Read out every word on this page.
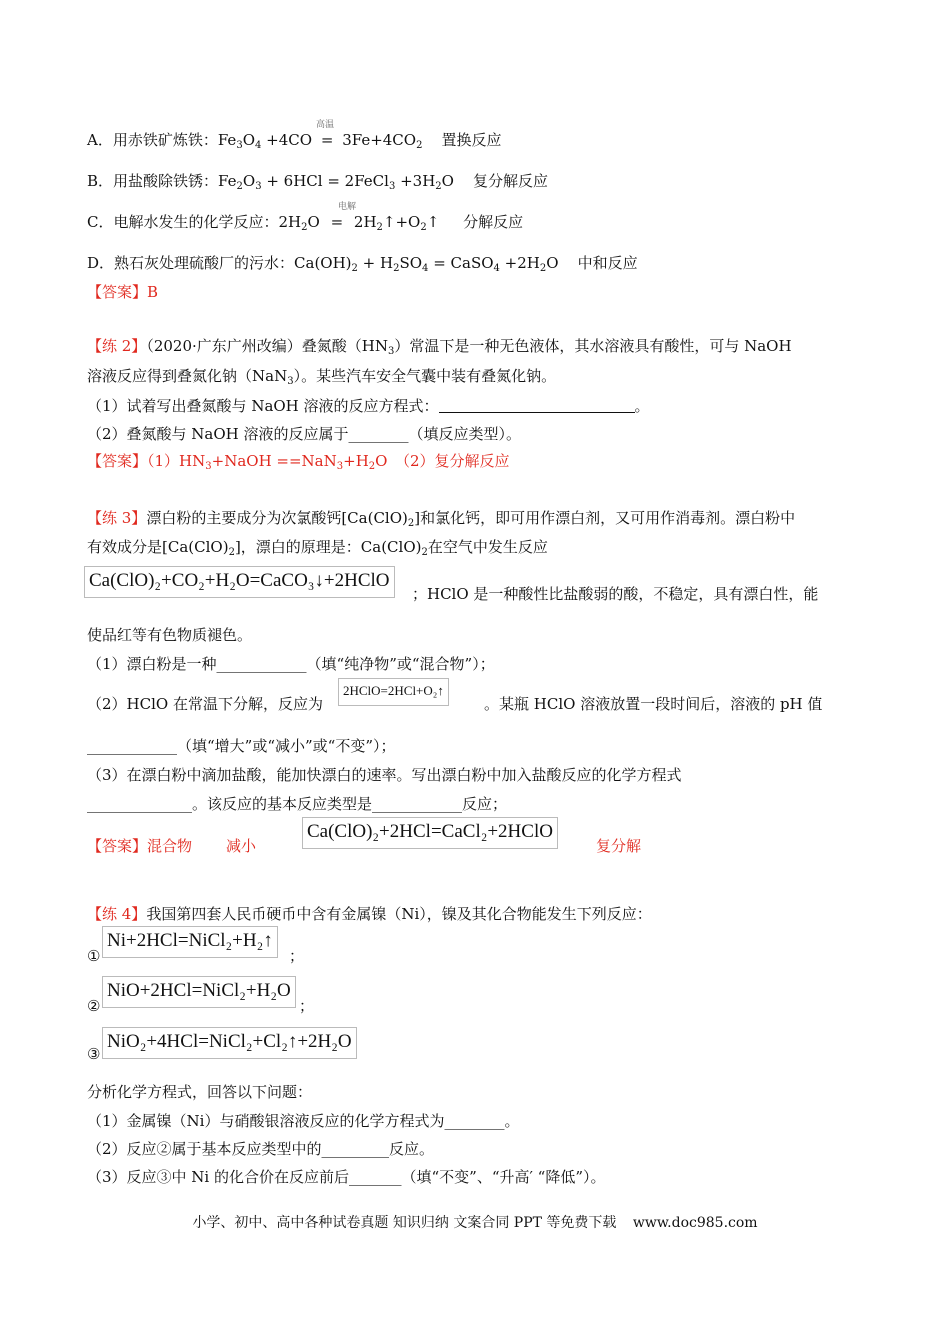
高温
A．用赤铁矿炼铁：$Fe_3O_4 +4CO = 3Fe+4CO_2$ 置换反应
B．用盐酸除铁锈：$Fe_2O_3 + 6HCl$ = 2FeCl$_3$ $+3H_2O$    复分解反应
电解
C．电解水发生的化学反应：$2H_2O$ = $2H_2↑+O_2↑$     分解反应
D．熟石灰处理硫酸厂的污水：$Ca(OH)_2 + H_2SO_4$ = CaSO$_4$ $+2H_2O$    中和反应
【答案】B
【练 2】（2020·广东广州改编）叠氮酸$(HN_3)$常温下是一种无色液体，其水溶液具有酸性，可与 NaOH
溶液反应得到叠氮化钠（NaN$_3$）。某些汽车安全气囊中装有叠氮化钠。
（1）试着写出叠氮酸与 NaOH 溶液的反应方程式：	。
（2）叠氮酸与 NaOH 溶液的反应属于________（填反应类型）。
【答案】$(1)HN_3+NaOH ==NaN_3+H_2O$　（2）复分解反应
【练 3】漂白粉的主要成分为次氯酸钙$[Ca(ClO)_2]$和氯化钙，即可用作漂白剂，又可用作消毒剂。漂白粉中
有效成分是$[Ca(ClO)_2]$，漂白的原理是：$Ca(ClO)_2$在空气中发生反应
Ca(ClO)₂+CO₂+H₂O=CaCO₃↓+2HClO
；HClO 是一种酸性比盐酸弱的酸，不稳定，具有漂白性，能
使品红等有色物质褪色。
（1）漂白粉是一种____________（填“纯净物”或“混合物”）；
（2）HClO 在常温下分解，反应为
2HClO=2HCl+O₂↑
。某瓶 HClO 溶液放置一段时间后，溶液的 pH 值
____________（填“增大”或“减小”或“不变”）；
（3）在漂白粉中滴加盐酸，能加快漂白的速率。写出漂白粉中加入盐酸反应的化学方程式
______________。该反应的基本反应类型是____________反应；
【答案】混合物 减小
Ca(ClO)₂+2HCl=CaCl₂+2HClO
复分解
【练 4】我国第四套人民币硬币中含有金属镍（Ni），镍及其化合物能发生下列反应：
①
Ni+2HCl=NiCl₂+H₂↑
；
②
NiO+2HCl=NiCl₂+H₂O
；
③
NiO₂+4HCl=NiCl₂+Cl₂↑+2H₂O
分析化学方程式，回答以下问题：
（1）金属镍（Ni）与硝酸银溶液反应的化学方程式为________。
（2）反应②属于基本反应类型中的_________反应。
（3）反应③中 Ni 的化合价在反应前后_______（填“不变”、“升高′ “降低”）。
小学、初中、高中各种试卷真题 知识归纳 文案合同 PPT 等免费下载 www.doc985.com
